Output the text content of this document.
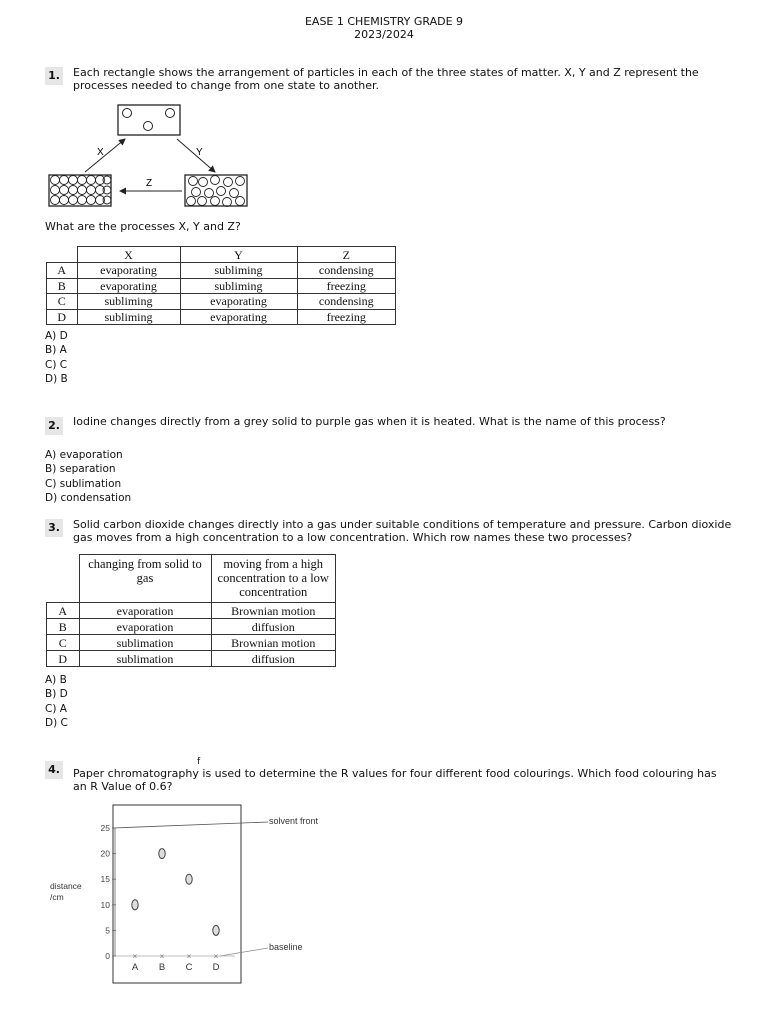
EASE 1 CHEMISTRY GRADE 9
2023/2024
1. Each rectangle shows the arrangement of particles in each of the three states of matter. X, Y and Z represent the processes needed to change from one state to another.
X	Y
Z
What are the processes X, Y and Z?
	X	Y	Z
A	evaporating	subliming	condensing
B	evaporating	subliming	freezing
C	subliming	evaporating	condensing
D	subliming	evaporating	freezing
A) D
B) A
C) C
D) B
2. Iodine changes directly from a grey solid to purple gas when it is heated. What is the name of this process?
A) evaporation
B) separation
C) sublimation
D) condensation
3. Solid carbon dioxide changes directly into a gas under suitable conditions of temperature and pressure. Carbon dioxide gas moves from a high concentration to a low concentration. Which row names these two processes?
	changing from solid to gas	moving from a high concentration to a low concentration
A	evaporation	Brownian motion
B	evaporation	diffusion
C	sublimation	Brownian motion
D	sublimation	diffusion
A) B
B) D
C) A
D) C
4.
f
Paper chromatography is used to determine the R values for four different food colourings. Which food colouring has an R Value of 0.6?
0
5
10
15
20
25
×	×	×	×
A B C D
distance
/cm
solvent front
baseline
